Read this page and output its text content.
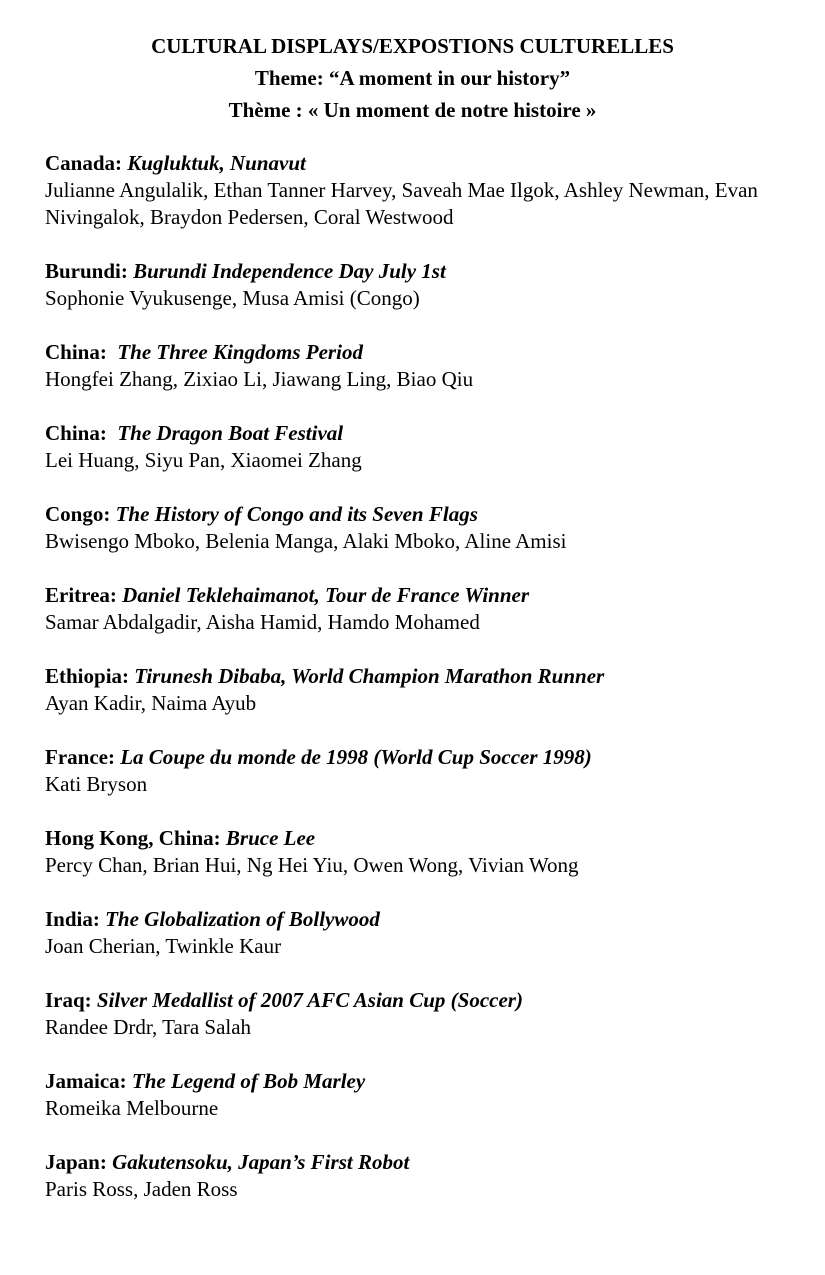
CULTURAL DISPLAYS/EXPOSTIONS CULTURELLES
Theme: “A moment in our history”
Thème : « Un moment de notre histoire »
Canada: Kugluktuk, Nunavut
Julianne Angulalik, Ethan Tanner Harvey, Saveah Mae Ilgok, Ashley Newman, Evan Nivingalok, Braydon Pedersen, Coral Westwood
Burundi: Burundi Independence Day July 1st
Sophonie Vyukusenge, Musa Amisi (Congo)
China:  The Three Kingdoms Period
Hongfei Zhang, Zixiao Li, Jiawang Ling, Biao Qiu
China:  The Dragon Boat Festival
Lei Huang, Siyu Pan, Xiaomei Zhang
Congo: The History of Congo and its Seven Flags
Bwisengo Mboko, Belenia Manga, Alaki Mboko, Aline Amisi
Eritrea: Daniel Teklehaimanot, Tour de France Winner
Samar Abdalgadir, Aisha Hamid, Hamdo Mohamed
Ethiopia: Tirunesh Dibaba, World Champion Marathon Runner
Ayan Kadir, Naima Ayub
France: La Coupe du monde de 1998 (World Cup Soccer 1998)
Kati Bryson
Hong Kong, China: Bruce Lee
Percy Chan, Brian Hui, Ng Hei Yiu, Owen Wong, Vivian Wong
India: The Globalization of Bollywood
Joan Cherian, Twinkle Kaur
Iraq: Silver Medallist of 2007 AFC Asian Cup (Soccer)
Randee Drdr, Tara Salah
Jamaica: The Legend of Bob Marley
Romeika Melbourne
Japan: Gakutensoku, Japan’s First Robot
Paris Ross, Jaden Ross
